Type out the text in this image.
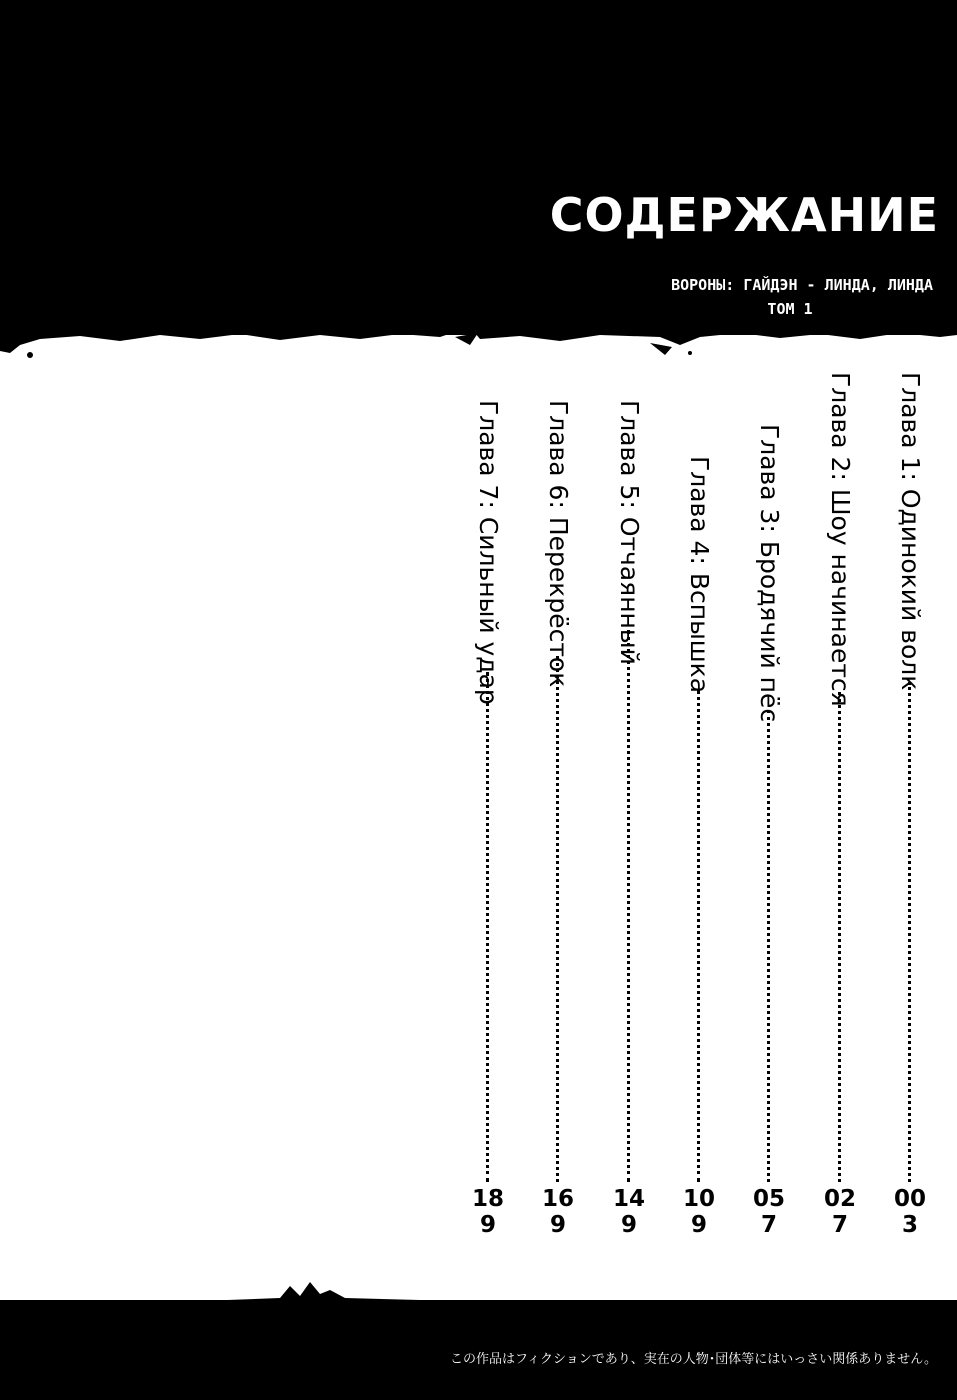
СОДЕРЖАНИЕ
ВОРОНЫ: ГАЙДЭН - ЛИНДА, ЛИНДА
ТОМ 1
Глава 1: Одинокий волк
003
Глава 2: Шоу начинается
027
Глава 3: Бродячий пёс
057
Глава 4: Вспышка
109
Глава 5: Отчаянный
149
Глава 6: Перекрёсток
169
Глава 7: Сильный удар
189
この作品はフィクションであり、実在の人物･団体等にはいっさい関係ありません。
